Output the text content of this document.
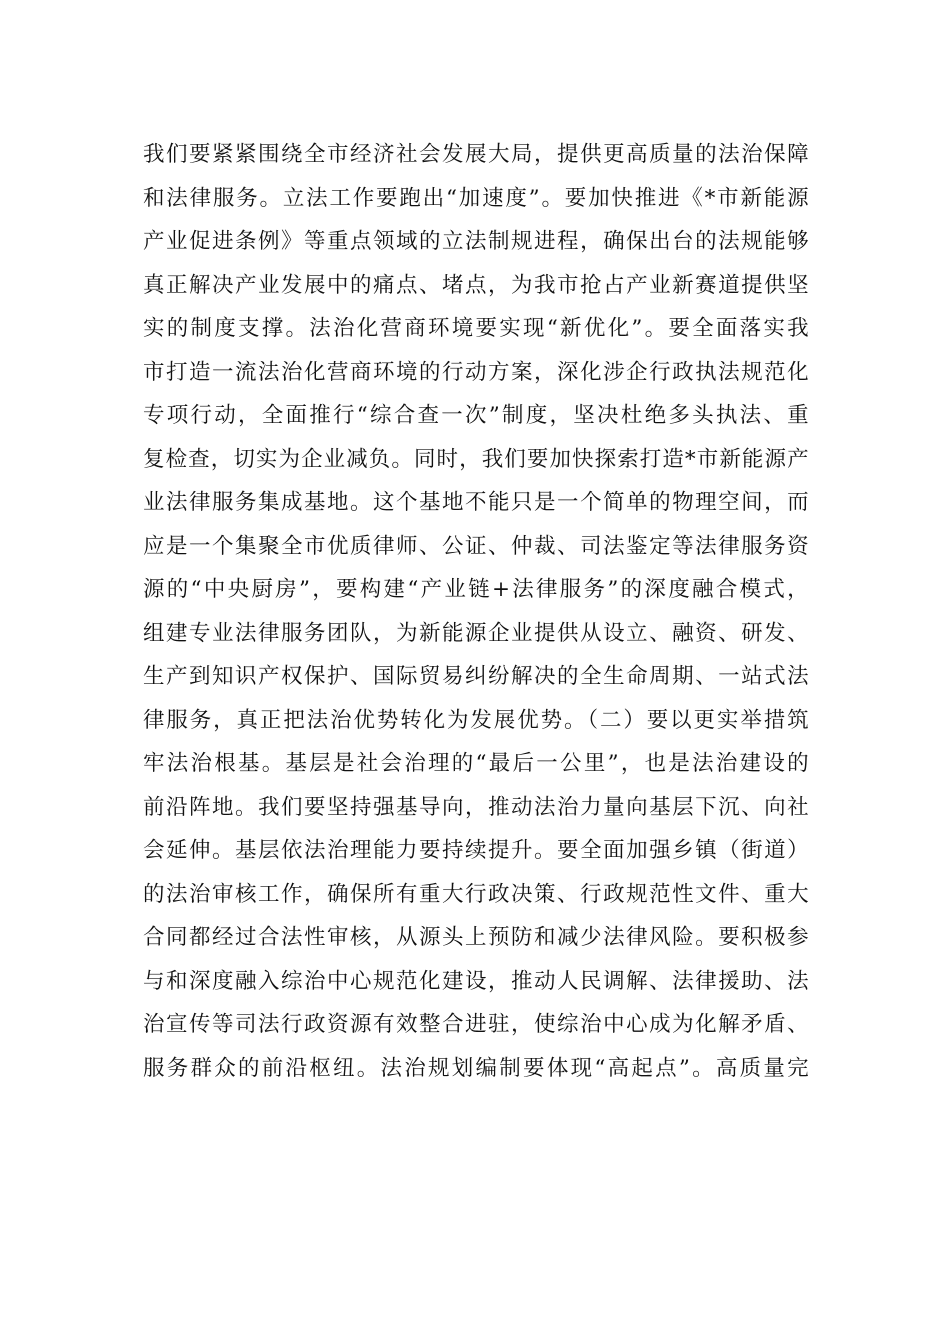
我们要紧紧围绕全市经济社会发展大局，提供更高质量的法治保障
和法律服务。立法工作要跑出“加速度”。要加快推进《*市新能源
产业促进条例》等重点领域的立法制规进程，确保出台的法规能够
真正解决产业发展中的痛点、堵点，为我市抢占产业新赛道提供坚
实的制度支撑。法治化营商环境要实现“新优化”。要全面落实我
市打造一流法治化营商环境的行动方案，深化涉企行政执法规范化
专项行动，全面推行“综合查一次”制度，坚决杜绝多头执法、重
复检查，切实为企业减负。同时，我们要加快探索打造*市新能源产
业法律服务集成基地。这个基地不能只是一个简单的物理空间，而
应是一个集聚全市优质律师、公证、仲裁、司法鉴定等法律服务资
源的“中央厨房”，要构建“产业链+法律服务”的深度融合模式，
组建专业法律服务团队，为新能源企业提供从设立、融资、研发、
生产到知识产权保护、国际贸易纠纷解决的全生命周期、一站式法
律服务，真正把法治优势转化为发展优势。（二）要以更实举措筑
牢法治根基。基层是社会治理的“最后一公里”，也是法治建设的
前沿阵地。我们要坚持强基导向，推动法治力量向基层下沉、向社
会延伸。基层依法治理能力要持续提升。要全面加强乡镇（街道）
的法治审核工作，确保所有重大行政决策、行政规范性文件、重大
合同都经过合法性审核，从源头上预防和减少法律风险。要积极参
与和深度融入综治中心规范化建设，推动人民调解、法律援助、法
治宣传等司法行政资源有效整合进驻，使综治中心成为化解矛盾、
服务群众的前沿枢纽。法治规划编制要体现“高起点”。高质量完
